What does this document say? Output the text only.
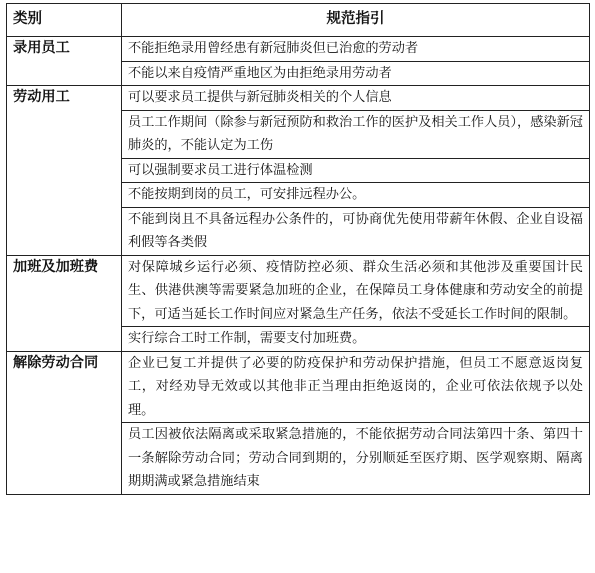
类别	规范指引
录用员工	不能拒绝录用曾经患有新冠肺炎但已治愈的劳动者

	不能以来自疫情严重地区为由拒绝录用劳动者

劳动用工	可以要求员工提供与新冠肺炎相关的个人信息

	员工工作期间（除参与新冠预防和救治工作的医护及相关工作人员），感染新冠肺炎的，不能认定为工伤

	可以强制要求员工进行体温检测

	不能按期到岗的员工，可安排远程办公。

	不能到岗且不具备远程办公条件的，可协商优先使用带薪年休假、企业自设福利假等各类假

加班及加班费	对保障城乡运行必须、疫情防控必须、群众生活必须和其他涉及重要国计民生、供港供澳等需要紧急加班的企业，在保障员工身体健康和劳动安全的前提下，可适当延长工作时间应对紧急生产任务，依法不受延长工作时间的限制。

	实行综合工时工作制，需要支付加班费。

解除劳动合同	企业已复工并提供了必要的防疫保护和劳动保护措施，但员工不愿意返岗复工，对经劝导无效或以其他非正当理由拒绝返岗的，企业可依法依规予以处理。

	员工因被依法隔离或采取紧急措施的，不能依据劳动合同法第四十条、第四十一条解除劳动合同；劳动合同到期的，分别顺延至医疗期、医学观察期、隔离期期满或紧急措施结束
